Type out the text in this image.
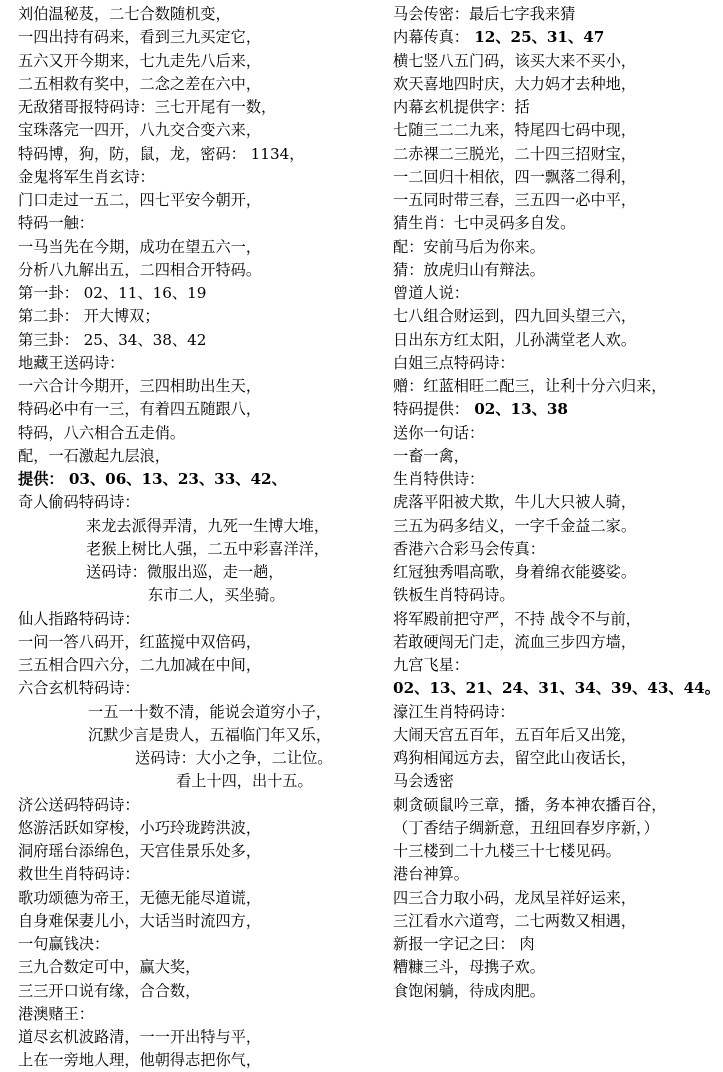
刘伯温秘芨，二七合数随机变，
一四出持有码来，看到三九买定它，
五六又开今期来，七九走先八后来，
二五相救有奖中，二念之差在六中，
无敌猪哥报特码诗：三七开尾有一数，
宝珠落完一四开，八九交合变六来，
特码博，狗，防，鼠，龙，密码： 1134，
金鬼将军生肖玄诗：
门口走过一五二，四七平安今朝开，
特码一触：
一马当先在今期，成功在望五六一，
分析八九解出五，二四相合开特码。
第一卦： 02、11、16、19
第二卦： 开大博双；
第三卦： 25、34、38、42
地藏王送码诗：
一六合计今期开，三四相助出生天，
特码必中有一三，有着四五随跟八，
特码，八六相合五走俏。
配，一石激起九层浪，
提供： 03、06、13、23、33、42、
奇人偷码特码诗：
来龙去派得弄清，九死一生博大堆，
老猴上树比人强，二五中彩喜洋洋，
送码诗：微服出巡，走一趟，
东市二人，买坐骑。
仙人指路特码诗：
一问一答八码开，红蓝搅中双倍码，
三五相合四六分，二九加减在中间，
六合玄机特码诗：
一五一十数不清，能说会道穷小子，
沉默少言是贵人，五福临门年又乐，
送码诗：大小之争，二让位。
看上十四，出十五。
济公送码特码诗：
悠游活跃如穿梭，小巧玲珑跨洪波，
洞府瑶台添绵色，天宫佳景乐处多，
救世生肖特码诗：
歌功颂德为帝王，无德无能尽道谎，
自身难保妻儿小，大话当时流四方，
一句赢钱决：
三九合数定可中，赢大奖，
三三开口说有缘，合合数，
港澳赌王：
道尽玄机波路清，一一开出特与平，
上在一旁地人理，他朝得志把你气，
马会传密：最后七字我来猜
内幕传真： 12、25、31、47
横七竖八五门码，该买大来不买小，
欢天喜地四时庆，大力妈才去种地，
内幕玄机提供字：括
七随三二二九来，特尾四七码中现，
二赤裸二三脱光，二十四三招财宝，
一二回归十相依，四一飘落二得利，
一五同时带三春，三五四一必中平，
猜生肖：七中灵码多自发。
配：安前马后为你来。
猜：放虎归山有辩法。
曾道人说：
七八组合财运到，四九回头望三六，
日出东方红太阳，儿孙满堂老人欢。
白姐三点特码诗：
赠：红蓝相旺二配三，让利十分六归来，
特码提供： 02、13、38
送你一句话：
一畜一禽，
生肖特供诗：
虎落平阳被犬欺，牛儿大只被人骑，
三五为码多结义，一字千金益二家。
香港六合彩马会传真：
红冠独秀唱高歌，身着绵衣能婆娑。
铁板生肖特码诗。
将军殿前把守严，不持 战令不与前，
若敢硬闯无门走，流血三步四方墙，
九宫飞星：
02、13、21、24、31、34、39、43、44。
濠江生肖特码诗：
大闹天宫五百年，五百年后又出笼，
鸡狗相闻远方去，留空此山夜话长，
马会透密
刺贪硕鼠吟三章，播，务本神农播百谷，
（丁香结子绸新意，丑纽回春岁序新，）
十三楼到二十九楼三十七楼见码。
港台神算。
四三合力取小码，龙凤呈祥好运来，
三江看水六道弯，二七两数又相遇，
新报一字记之曰： 肉
糟糠三斗，母携子欢。
食饱闲躺，待成肉肥。
